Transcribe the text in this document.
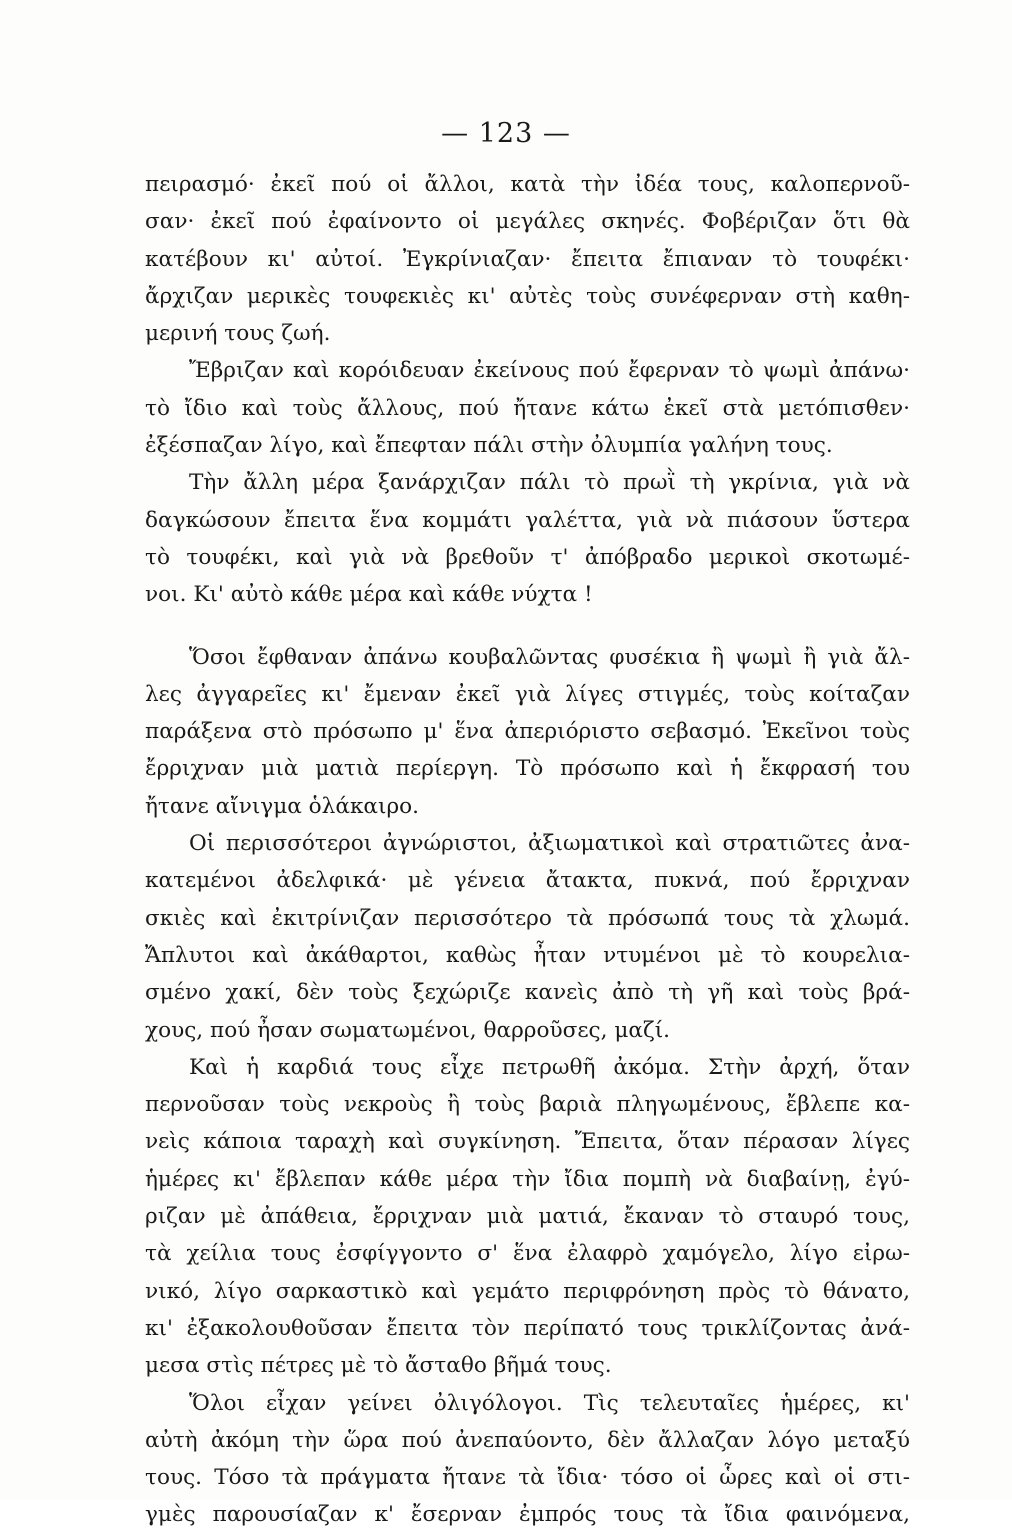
— 123 —
πειρασμό· ἐκεῖ πού οἱ ἄλλοι, κατὰ τὴν ἰδέα τους, καλοπερνοῦ-
σαν· ἐκεῖ πού ἐφαίνοντο οἱ μεγάλες σκηνές. Φοβέριζαν ὅτι θὰ
κατέβουν κι' αὐτοί. Ἐγκρίνιαζαν· ἔπειτα ἔπιαναν τὸ τουφέκι·
ἄρχιζαν μερικὲς τουφεκιὲς κι' αὐτὲς τοὺς συνέφερναν στὴ καθη-
μερινή τους ζωή.
Ἔβριζαν καὶ κορόιδευαν ἐκείνους πού ἔφερναν τὸ ψωμὶ ἀπάνω·
τὸ ἴδιο καὶ τοὺς ἄλλους, πού ἤτανε κάτω ἐκεῖ στὰ μετόπισθεν·
ἐξέσπαζαν λίγο, καὶ ἔπεφταν πάλι στὴν ὀλυμπία γαλήνη τους.
Τὴν ἄλλη μέρα ξανάρχιζαν πάλι τὸ πρωῒ τὴ γκρίνια, γιὰ νὰ
δαγκώσουν ἔπειτα ἕνα κομμάτι γαλέττα, γιὰ νὰ πιάσουν ὕστερα
τὸ τουφέκι, καὶ γιὰ νὰ βρεθοῦν τ' ἀπόβραδο μερικοὶ σκοτωμέ-
νοι. Κι' αὐτὸ κάθε μέρα καὶ κάθε νύχτα !
Ὅσοι ἔφθαναν ἀπάνω κουβαλῶντας φυσέκια ἢ ψωμὶ ἢ γιὰ ἄλ-
λες ἀγγαρεῖες κι' ἔμεναν ἐκεῖ γιὰ λίγες στιγμές, τοὺς κοίταζαν
παράξενα στὸ πρόσωπο μ' ἕνα ἀπεριόριστο σεβασμό. Ἐκεῖνοι τοὺς
ἔρριχναν μιὰ ματιὰ περίεργη. Τὸ πρόσωπο καὶ ἡ ἔκφρασή του
ἤτανε αἴνιγμα ὁλάκαιρο.
Οἱ περισσότεροι ἀγνώριστοι, ἀξιωματικοὶ καὶ στρατιῶτες ἀνα-
κατεμένοι ἀδελφικά· μὲ γένεια ἄτακτα, πυκνά, πού ἔρριχναν
σκιὲς καὶ ἐκιτρίνιζαν περισσότερο τὰ πρόσωπά τους τὰ χλωμά.
Ἄπλυτοι καὶ ἀκάθαρτοι, καθὼς ἦταν ντυμένοι μὲ τὸ κουρελια-
σμένο χακί, δὲν τοὺς ξεχώριζε κανεὶς ἀπὸ τὴ γῆ καὶ τοὺς βρά-
χους, πού ἦσαν σωματωμένοι, θαρροῦσες, μαζί.
Καὶ ἡ καρδιά τους εἶχε πετρωθῆ ἀκόμα. Στὴν ἀρχή, ὅταν
περνοῦσαν τοὺς νεκροὺς ἢ τοὺς βαριὰ πληγωμένους, ἔβλεπε κα-
νεὶς κάποια ταραχὴ καὶ συγκίνηση. Ἔπειτα, ὅταν πέρασαν λίγες
ἡμέρες κι' ἔβλεπαν κάθε μέρα τὴν ἴδια πομπὴ νὰ διαβαίνῃ, ἐγύ-
ριζαν μὲ ἀπάθεια, ἔρριχναν μιὰ ματιά, ἔκαναν τὸ σταυρό τους,
τὰ χείλια τους ἐσφίγγοντο σ' ἕνα ἐλαφρὸ χαμόγελο, λίγο εἰρω-
νικό, λίγο σαρκαστικὸ καὶ γεμάτο περιφρόνηση πρὸς τὸ θάνατο,
κι' ἐξακολουθοῦσαν ἔπειτα τὸν περίπατό τους τρικλίζοντας ἀνά-
μεσα στὶς πέτρες μὲ τὸ ἄσταθο βῆμά τους.
Ὅλοι εἶχαν γείνει ὀλιγόλογοι. Τὶς τελευταῖες ἡμέρες, κι'
αὐτὴ ἀκόμη τὴν ὥρα πού ἀνεπαύοντο, δὲν ἄλλαζαν λόγο μεταξύ
τους. Τόσο τὰ πράγματα ἤτανε τὰ ἴδια· τόσο οἱ ὧρες καὶ οἱ στι-
γμὲς παρουσίαζαν κ' ἔσερναν ἐμπρός τους τὰ ἴδια φαινόμενα,
